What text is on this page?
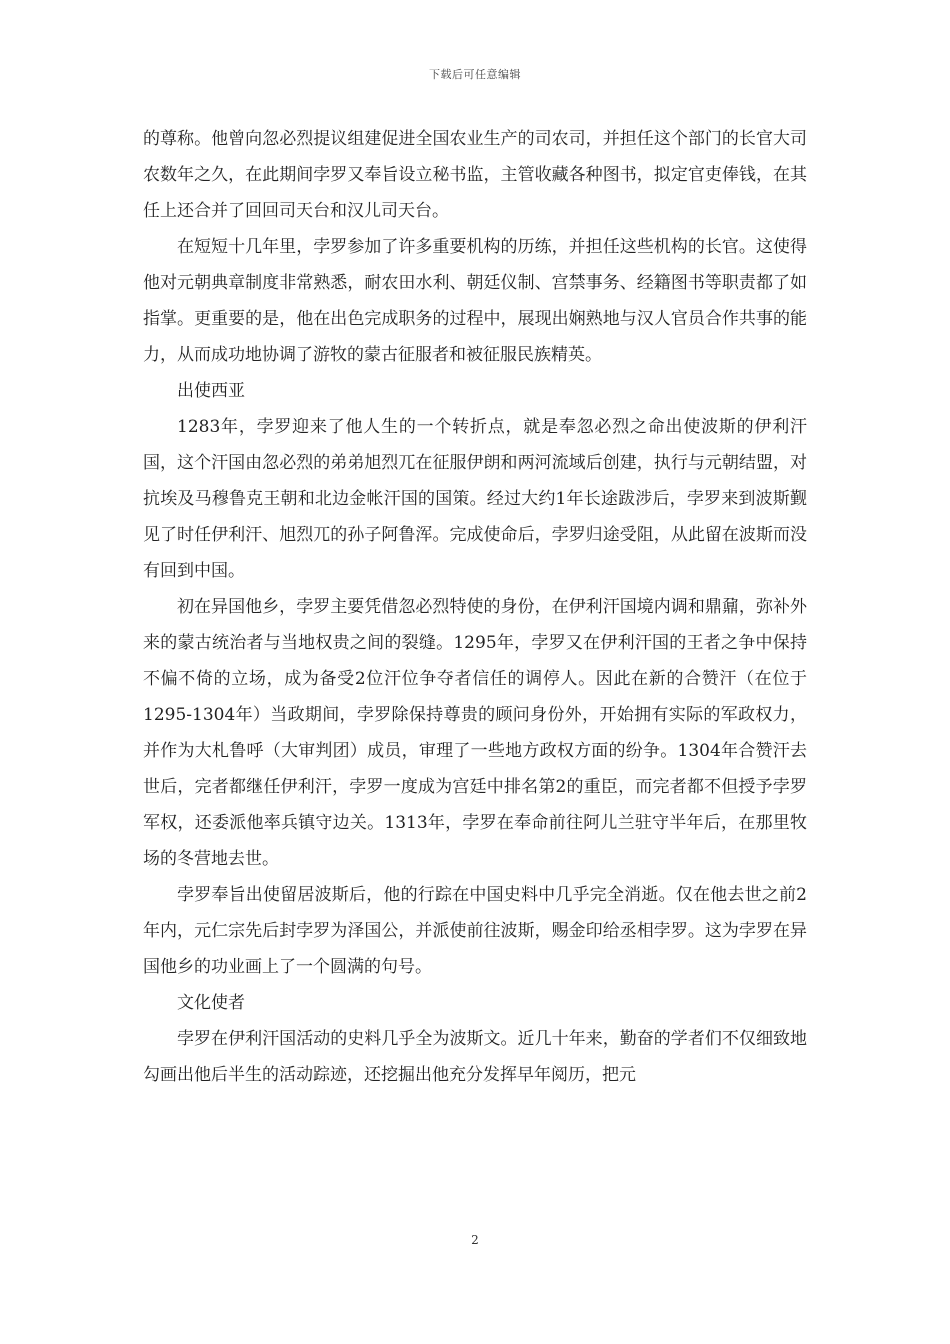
下载后可任意编辑

的尊称。他曾向忽必烈提议组建促进全国农业生产的司农司，并担任这个部门的长官大司农数年之久，在此期间孛罗又奉旨设立秘书监，主管收藏各种图书，拟定官吏俸钱，在其任上还合并了回回司天台和汉儿司天台。

在短短十几年里，孛罗参加了许多重要机构的历练，并担任这些机构的长官。这使得他对元朝典章制度非常熟悉，耐农田水利、朝廷仪制、宫禁事务、经籍图书等职责都了如指掌。更重要的是，他在出色完成职务的过程中，展现出娴熟地与汉人官员合作共事的能力，从而成功地协调了游牧的蒙古征服者和被征服民族精英。

出使西亚

1283年，孛罗迎来了他人生的一个转折点，就是奉忽必烈之命出使波斯的伊利汗国，这个汗国由忽必烈的弟弟旭烈兀在征服伊朗和两河流域后创建，执行与元朝结盟，对抗埃及马穆鲁克王朝和北边金帐汗国的国策。经过大约1年长途跋涉后，孛罗来到波斯觐见了时任伊利汗、旭烈兀的孙子阿鲁浑。完成使命后，孛罗归途受阻，从此留在波斯而没有回到中国。

初在异国他乡，孛罗主要凭借忽必烈特使的身份，在伊利汗国境内调和鼎鼐，弥补外来的蒙古统治者与当地权贵之间的裂缝。1295年，孛罗又在伊利汗国的王者之争中保持不偏不倚的立场，成为备受2位汗位争夺者信任的调停人。因此在新的合赞汗（在位于1295-1304年）当政期间，孛罗除保持尊贵的顾问身份外，开始拥有实际的军政权力，并作为大札鲁呼（大审判团）成员，审理了一些地方政权方面的纷争。1304年合赞汗去世后，完者都继任伊利汗，孛罗一度成为宫廷中排名第2的重臣，而完者都不但授予孛罗军权，还委派他率兵镇守边关。1313年，孛罗在奉命前往阿儿兰驻守半年后，在那里牧场的冬营地去世。

孛罗奉旨出使留居波斯后，他的行踪在中国史料中几乎完全消逝。仅在他去世之前2年内，元仁宗先后封孛罗为泽国公，并派使前往波斯，赐金印给丞相孛罗。这为孛罗在异国他乡的功业画上了一个圆满的句号。

文化使者

孛罗在伊利汗国活动的史料几乎全为波斯文。近几十年来，勤奋的学者们不仅细致地勾画出他后半生的活动踪迹，还挖掘出他充分发挥早年阅历，把元

2
